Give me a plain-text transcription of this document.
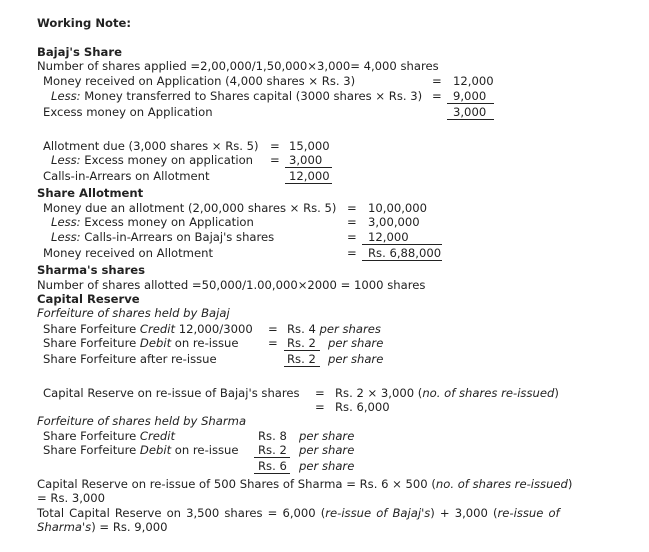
Working Note:
Bajaj's Share
Number of shares applied =2,00,000/1,50,000×3,000= 4,000 shares
Money received on Application (4,000 shares × Rs. 3)	= 12,000
Less: Money transferred to Shares capital (3000 shares × Rs. 3) = 9,000
Excess money on Application	3,000
Allotment due (3,000 shares × Rs. 5) = 15,000
Less: Excess money on application = 3,000
Calls-in-Arrears on Allotment	12,000
Share Allotment
Money due an allotment (2,00,000 shares × Rs. 5) = 10,00,000
Less: Excess money on Application	= 3,00,000
Less: Calls-in-Arrears on Bajaj's shares	= 12,000
Money received on Allotment	= Rs. 6,88,000
Sharma's shares
Number of shares allotted =50,000/1.00,000×2000 = 1000 shares
Capital Reserve
Forfeiture of shares held by Bajaj
Share Forfeiture Credit 12,000/3000 = Rs. 4 per shares
Share Forfeiture Debit on re-issue	= Rs. 2 per share
Share Forfeiture after re-issue	Rs. 2 per share
Capital Reserve on re-issue of Bajaj's shares = Rs. 2 × 3,000 (no. of shares re-issued)
= Rs. 6,000
Forfeiture of shares held by Sharma
Share Forfeiture Credit	Rs. 8 per share
Share Forfeiture Debit on re-issue Rs. 2 per share
Rs. 6 per share
Capital Reserve on re-issue of 500 Shares of Sharma = Rs. 6 × 500 (no. of shares re-issued)
= Rs. 3,000
Total Capital Reserve on 3,500 shares = 6,000 (re-issue of Bajaj's) + 3,000 (re-issue of
Sharma's) = Rs. 9,000
